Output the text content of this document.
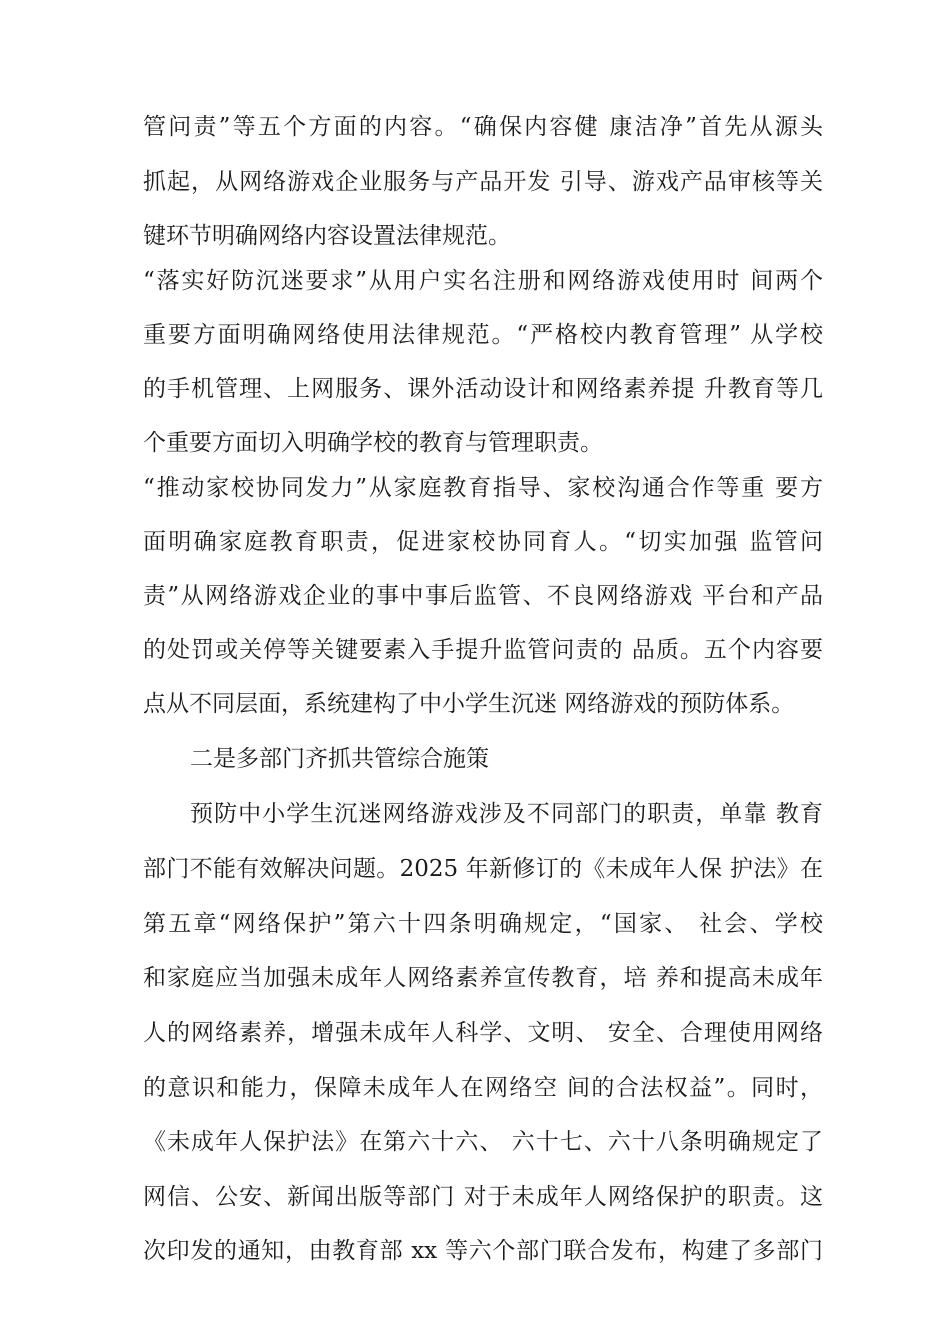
管问责”等五个方面的内容。“确保内容健 康洁净”首先从源头
抓起，从网络游戏企业服务与产品开发 引导、游戏产品审核等关
键环节明确网络内容设置法律规范。
“落实好防沉迷要求”从用户实名注册和网络游戏使用时 间两个
重要方面明确网络使用法律规范。“严格校内教育管理” 从学校
的手机管理、上网服务、课外活动设计和网络素养提 升教育等几
个重要方面切入明确学校的教育与管理职责。
“推动家校协同发力”从家庭教育指导、家校沟通合作等重 要方
面明确家庭教育职责，促进家校协同育人。“切实加强 监管问
责”从网络游戏企业的事中事后监管、不良网络游戏 平台和产品
的处罚或关停等关键要素入手提升监管问责的 品质。五个内容要
点从不同层面，系统建构了中小学生沉迷 网络游戏的预防体系。
二是多部门齐抓共管综合施策
预防中小学生沉迷网络游戏涉及不同部门的职责，单靠 教育
部门不能有效解决问题。2025 年新修订的《未成年人保 护法》在
第五章“网络保护”第六十四条明确规定，“国家、 社会、学校
和家庭应当加强未成年人网络素养宣传教育，培 养和提高未成年
人的网络素养，增强未成年人科学、文明、 安全、合理使用网络
的意识和能力，保障未成年人在网络空 间的合法权益”。同时，
《未成年人保护法》在第六十六、 六十七、六十八条明确规定了
网信、公安、新闻出版等部门 对于未成年人网络保护的职责。这
次印发的通知，由教育部 xx 等六个部门联合发布，构建了多部门
